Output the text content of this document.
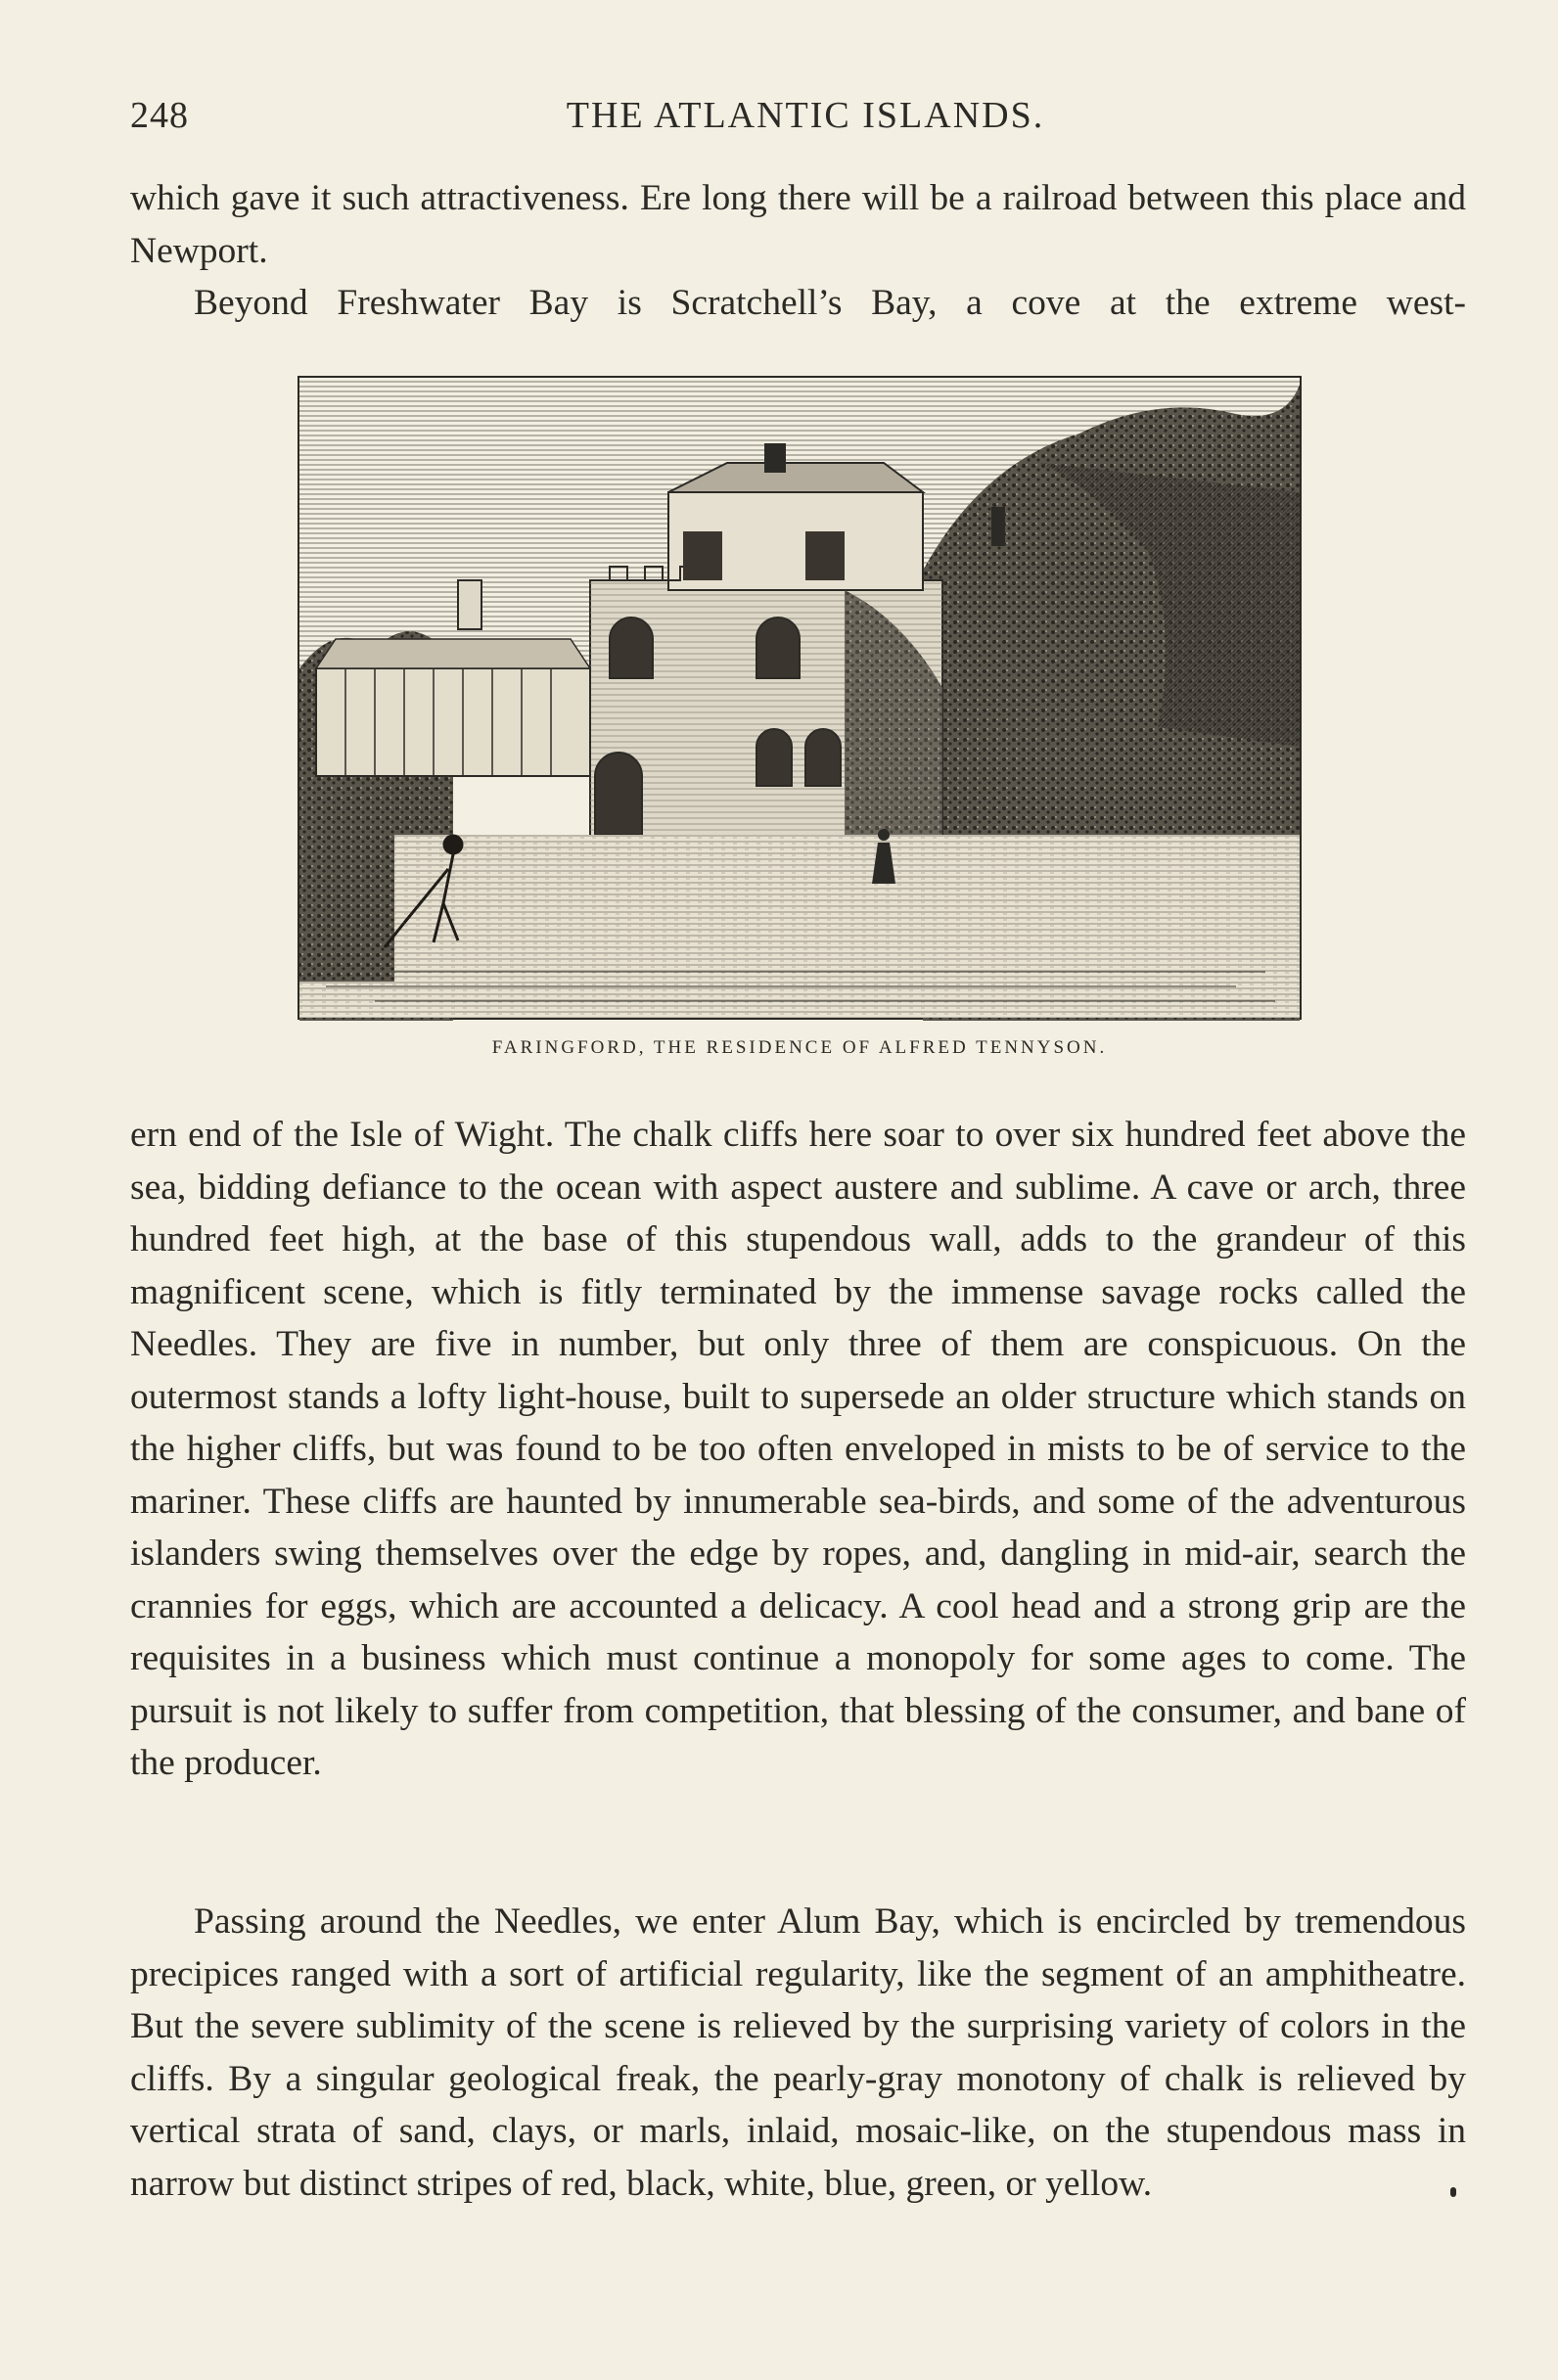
248	THE ATLANTIC ISLANDS.

which gave it such attractiveness. Ere long there will be a railroad between this place and Newport.

Beyond Freshwater Bay is Scratchell’s Bay, a cove at the extreme west-

FARINGFORD, THE RESIDENCE OF ALFRED TENNYSON.

ern end of the Isle of Wight. The chalk cliffs here soar to over six hundred feet above the sea, bidding defiance to the ocean with aspect austere and sublime. A cave or arch, three hundred feet high, at the base of this stupendous wall, adds to the grandeur of this magnificent scene, which is fitly terminated by the immense savage rocks called the Needles. They are five in number, but only three of them are conspicuous. On the outermost stands a lofty light-house, built to supersede an older structure which stands on the higher cliffs, but was found to be too often enveloped in mists to be of service to the mariner. These cliffs are haunted by innumerable sea-birds, and some of the adventurous islanders swing themselves over the edge by ropes, and, dangling in mid-air, search the crannies for eggs, which are accounted a delicacy. A cool head and a strong grip are the requisites in a business which must continue a monopoly for some ages to come. The pursuit is not likely to suffer from competition, that blessing of the consumer, and bane of the producer.

Passing around the Needles, we enter Alum Bay, which is encircled by tremendous precipices ranged with a sort of artificial regularity, like the segment of an amphitheatre. But the severe sublimity of the scene is relieved by the surprising variety of colors in the cliffs. By a singular geological freak, the pearly-gray monotony of chalk is relieved by vertical strata of sand, clays, or marls, inlaid, mosaic-like, on the stupendous mass in narrow but distinct stripes of red, black, white, blue, green, or yellow.
